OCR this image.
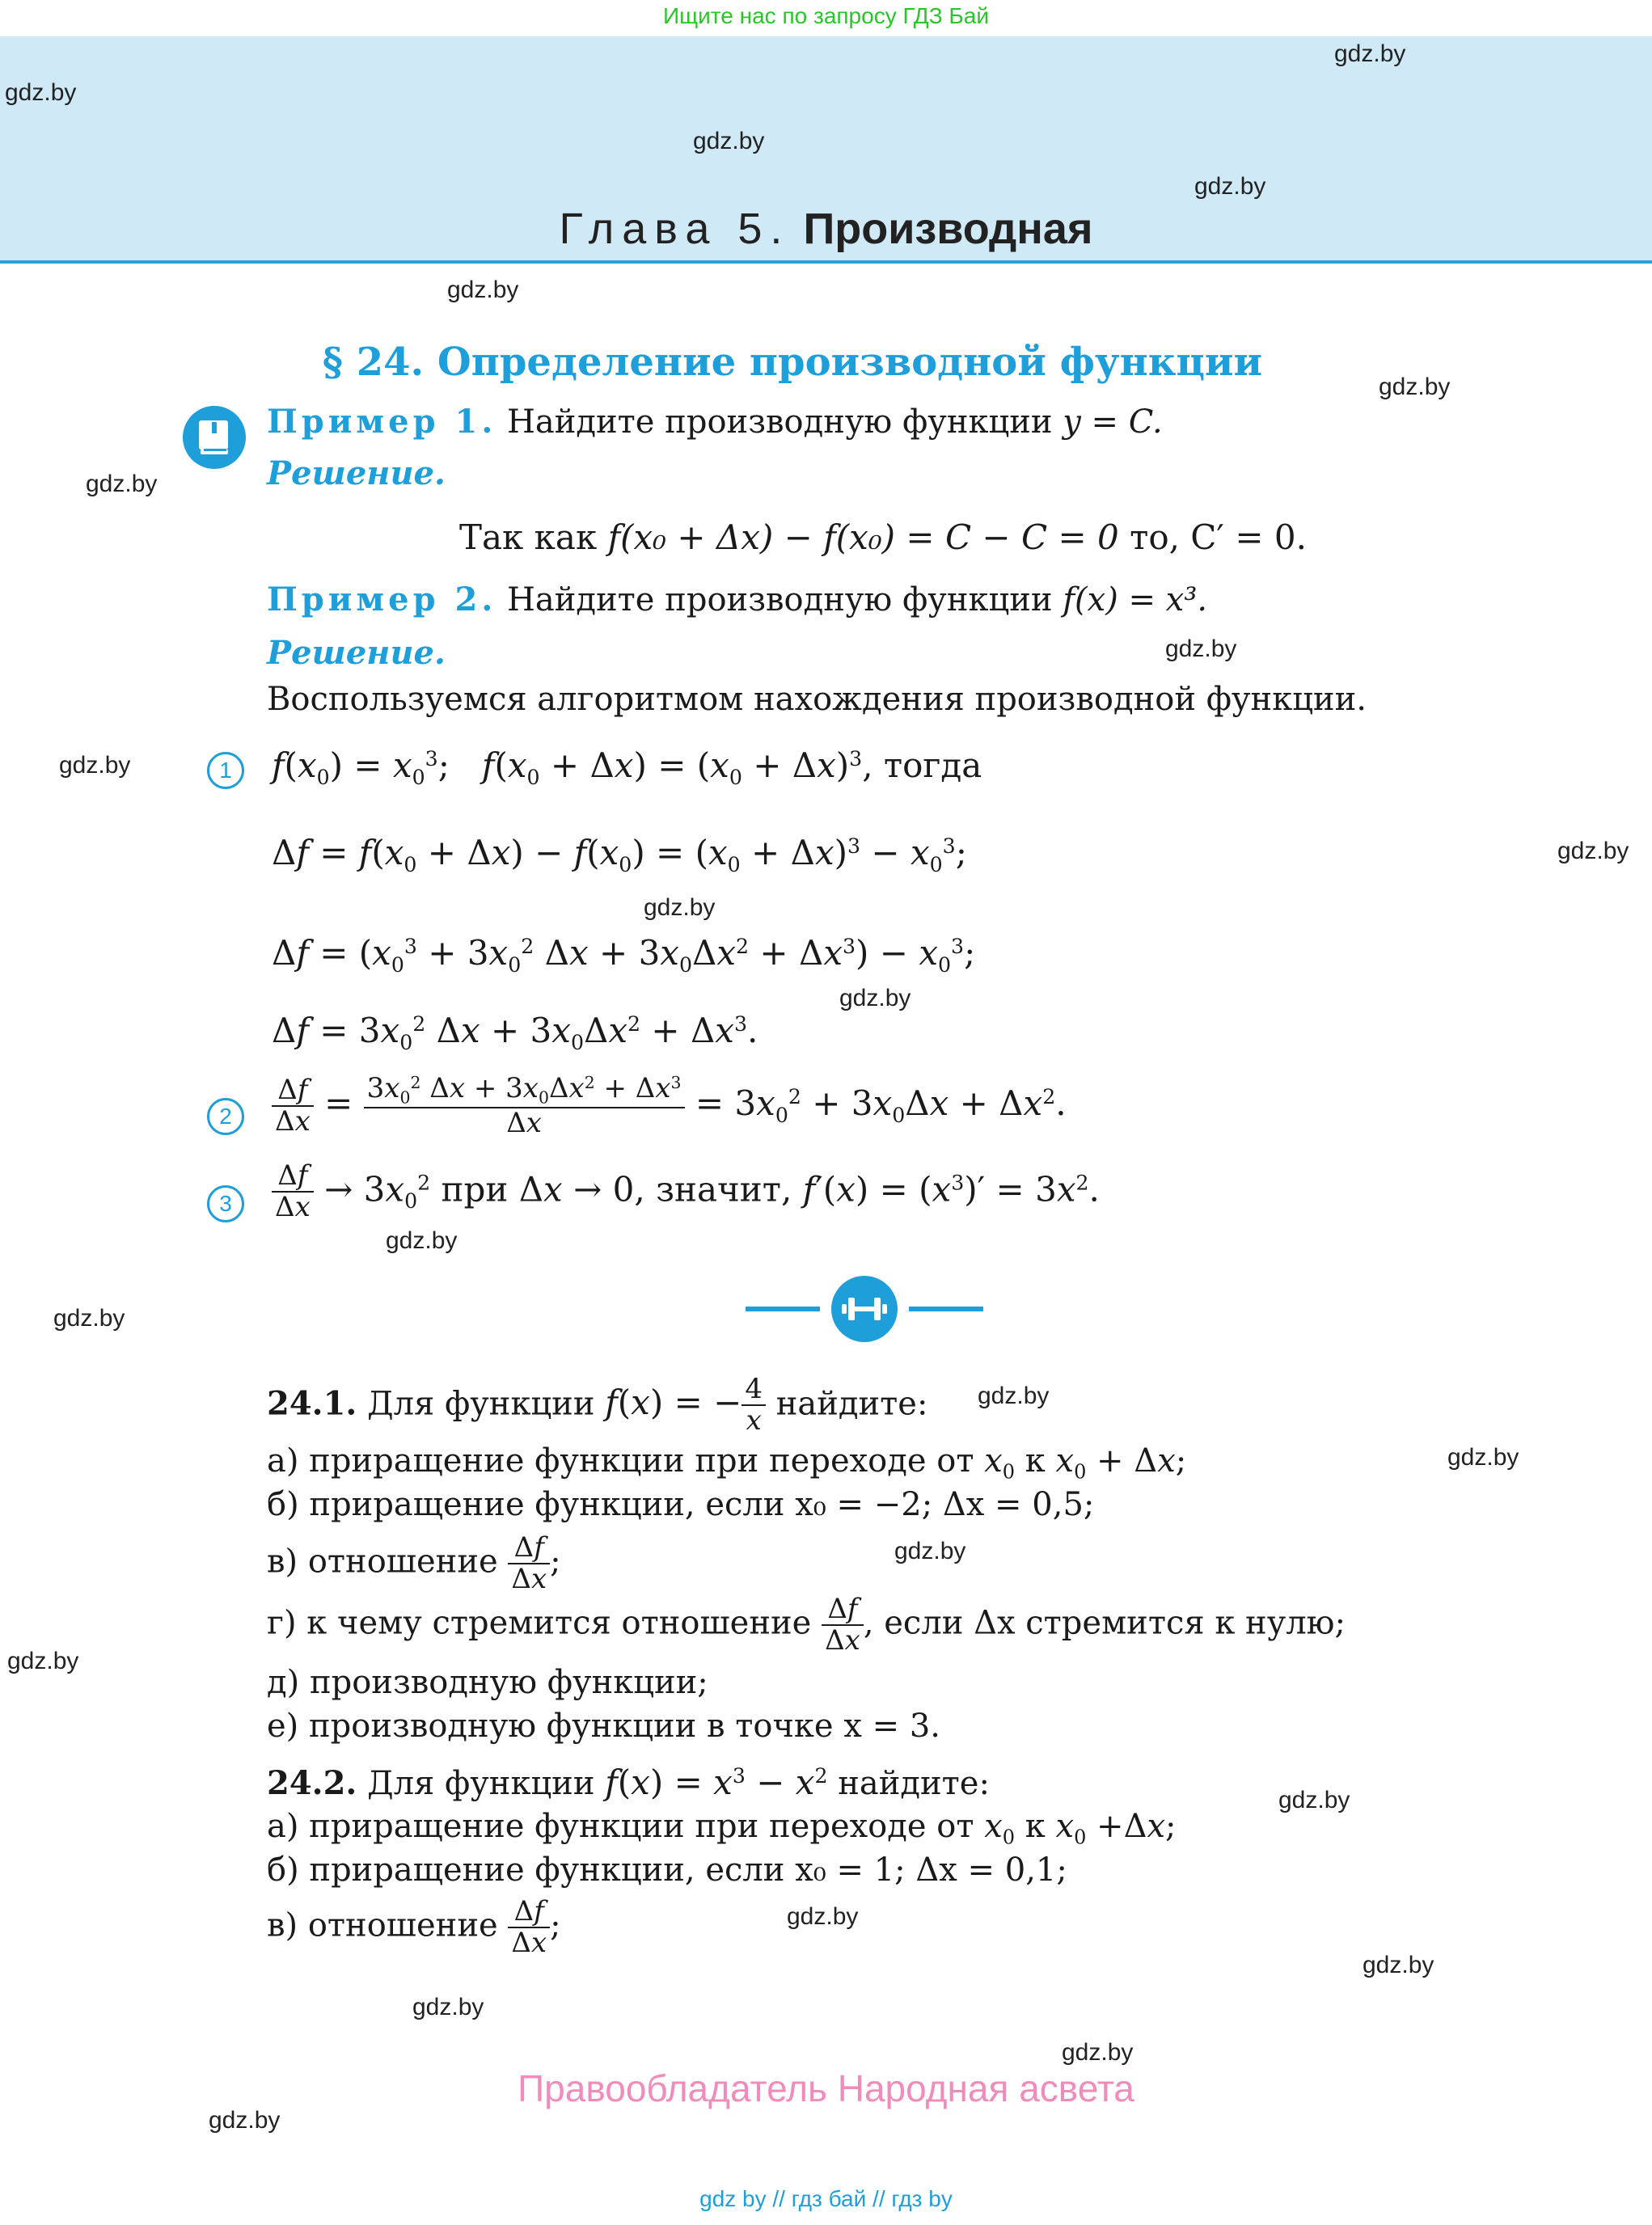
Ищите нас по запросу ГДЗ Бай
Глава 5. Производная
gdz.by
gdz.by
gdz.by
gdz.by
gdz.by
gdz.by
gdz.by
gdz.by
gdz.by
gdz.by
gdz.by
gdz.by
gdz.by
gdz.by
gdz.by
gdz.by
gdz.by
gdz.by
gdz.by
gdz.by
gdz.by
gdz.by
gdz.by
gdz.by
§ 24. Определение производной функции
Пример 1. Найдите производную функции y = C.
Решение.
Так как f(x₀ + Δx) − f(x₀) = C − C = 0 то, C′ = 0.
Пример 2. Найдите производную функции f(x) = x³.
Решение.
Воспользуемся алгоритмом нахождения производной функции.
1	$f(x_0) = x_0^3$;   $f(x_0 + \Delta x) = (x_0 + \Delta x)^3$, тогда
$\Delta f = f(x_0 + \Delta x) - f(x_0) = (x_0 + \Delta x)^3 - x_0^3$;
$\Delta f = (x_0^3 + 3x_0^2$ $\Delta x + 3x_0\Delta x^2 + \Delta x^3) - x_0^3$;
$\Delta f = 3x_0^2$ $\Delta x + 3x_0\Delta x^2 + \Delta x^3$.
2	$\frac{\Delta f}{\Delta x} = \frac{3x_0^2 \Delta x + 3x_0\Delta x^2 + \Delta x^3}{\Delta x} = 3x_0^2 + 3x_0\Delta x + \Delta x^2$.
3	$\frac{\Delta f}{\Delta x} \to 3x_0^2$ при Δx → 0, значит, $f'(x) = (x^3)' = 3x^2$.
24.1. Для функции f(x) = − $\frac{4}{x}$ найдите:
а) приращение функции при переходе от $x_0$ к $x_0 + \Delta x$;
б) приращение функции, если x₀ = −2; Δx = 0,5;
в) отношение $\frac{\Delta f}{\Delta x}$ ;
г) к чему стремится отношение $\frac{\Delta f}{\Delta x}$ , если Δx стремится к нулю;
д) производную функции;
е) производную функции в точке x = 3.
24.2. Для функции $f(x) = x^3 - x^2$ найдите:
а) приращение функции при переходе от $x_0$ к $x_0 +\Delta x$;
б) приращение функции, если x₀ = 1; Δx = 0,1;
в) отношение $\frac{\Delta f}{\Delta x}$ ;
Правообладатель Народная асвета
gdz by // гдз бай // гдз by
